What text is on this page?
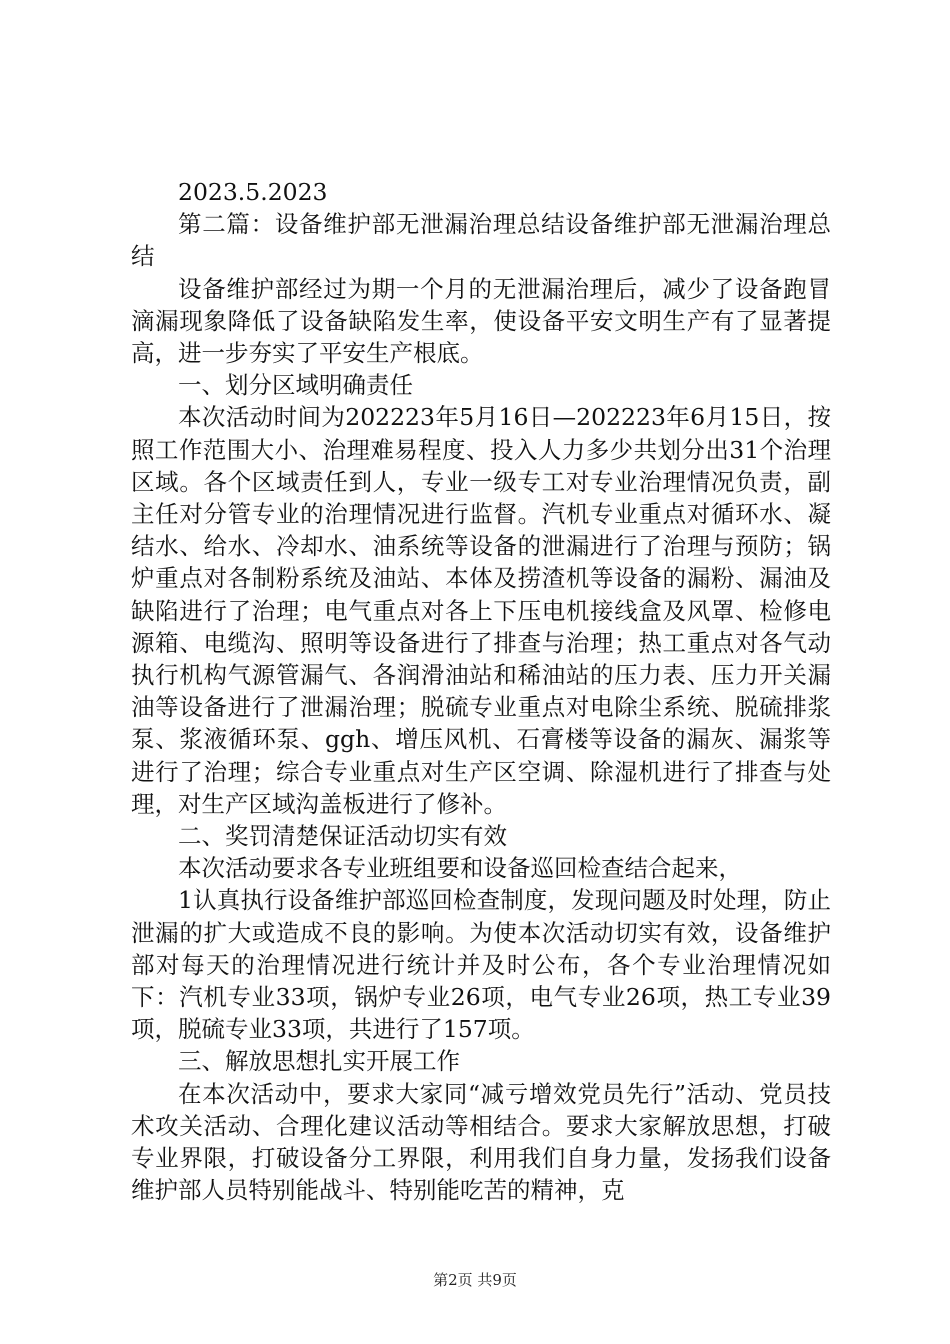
2023.5.2023

第二篇：设备维护部无泄漏治理总结设备维护部无泄漏治理总结

设备维护部经过为期一个月的无泄漏治理后，减少了设备跑冒滴漏现象降低了设备缺陷发生率，使设备平安文明生产有了显著提高，进一步夯实了平安生产根底。

一、划分区域明确责任

本次活动时间为202223年5月16日—202223年6月15日，按照工作范围大小、治理难易程度、投入人力多少共划分出31个治理区域。各个区域责任到人，专业一级专工对专业治理情况负责，副主任对分管专业的治理情况进行监督。汽机专业重点对循环水、凝结水、给水、冷却水、油系统等设备的泄漏进行了治理与预防；锅炉重点对各制粉系统及油站、本体及捞渣机等设备的漏粉、漏油及缺陷进行了治理；电气重点对各上下压电机接线盒及风罩、检修电源箱、电缆沟、照明等设备进行了排查与治理；热工重点对各气动执行机构气源管漏气、各润滑油站和稀油站的压力表、压力开关漏油等设备进行了泄漏治理；脱硫专业重点对电除尘系统、脱硫排浆泵、浆液循环泵、ggh、增压风机、石膏楼等设备的漏灰、漏浆等进行了治理；综合专业重点对生产区空调、除湿机进行了排查与处理，对生产区域沟盖板进行了修补。

二、奖罚清楚保证活动切实有效

本次活动要求各专业班组要和设备巡回检查结合起来，

1认真执行设备维护部巡回检查制度，发现问题及时处理，防止泄漏的扩大或造成不良的影响。为使本次活动切实有效，设备维护部对每天的治理情况进行统计并及时公布，各个专业治理情况如下：汽机专业33项，锅炉专业26项，电气专业26项，热工专业39项，脱硫专业33项，共进行了157项。

三、解放思想扎实开展工作

在本次活动中，要求大家同“减亏增效党员先行”活动、党员技术攻关活动、合理化建议活动等相结合。要求大家解放思想，打破专业界限，打破设备分工界限，利用我们自身力量，发扬我们设备维护部人员特别能战斗、特别能吃苦的精神，克

第2页 共9页
